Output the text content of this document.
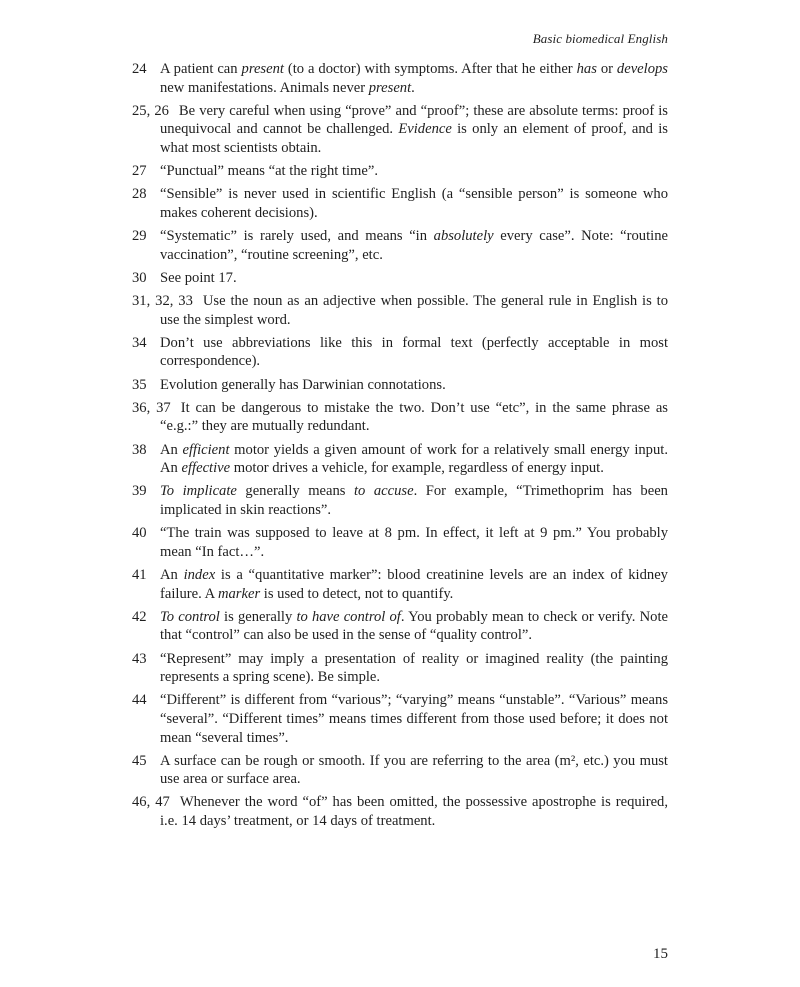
Basic biomedical English
24 A patient can present (to a doctor) with symptoms. After that he either has or develops new manifestations. Animals never present.
25, 26 Be very careful when using “prove” and “proof”; these are absolute terms: proof is unequivocal and cannot be challenged. Evidence is only an element of proof, and is what most scientists obtain.
27 “Punctual” means “at the right time”.
28 “Sensible” is never used in scientific English (a “sensible person” is someone who makes coherent decisions).
29 “Systematic” is rarely used, and means “in absolutely every case”. Note: “routine vaccination”, “routine screening”, etc.
30 See point 17.
31, 32, 33 Use the noun as an adjective when possible. The general rule in English is to use the simplest word.
34 Don’t use abbreviations like this in formal text (perfectly acceptable in most correspondence).
35 Evolution generally has Darwinian connotations.
36, 37 It can be dangerous to mistake the two. Don’t use “etc”, in the same phrase as “e.g.:” they are mutually redundant.
38 An efficient motor yields a given amount of work for a relatively small energy input. An effective motor drives a vehicle, for example, regardless of energy input.
39 To implicate generally means to accuse. For example, “Trimethoprim has been implicated in skin reactions”.
40 “The train was supposed to leave at 8 pm. In effect, it left at 9 pm.” You probably mean “In fact…”.
41 An index is a “quantitative marker”: blood creatinine levels are an index of kidney failure. A marker is used to detect, not to quantify.
42 To control is generally to have control of. You probably mean to check or verify. Note that “control” can also be used in the sense of “quality control”.
43 “Represent” may imply a presentation of reality or imagined reality (the painting represents a spring scene). Be simple.
44 “Different” is different from “various”; “varying” means “unstable”. “Various” means “several”. “Different times” means times different from those used before; it does not mean “several times”.
45 A surface can be rough or smooth. If you are referring to the area (m², etc.) you must use area or surface area.
46, 47 Whenever the word “of” has been omitted, the possessive apostrophe is required, i.e. 14 days’ treatment, or 14 days of treatment.
15
